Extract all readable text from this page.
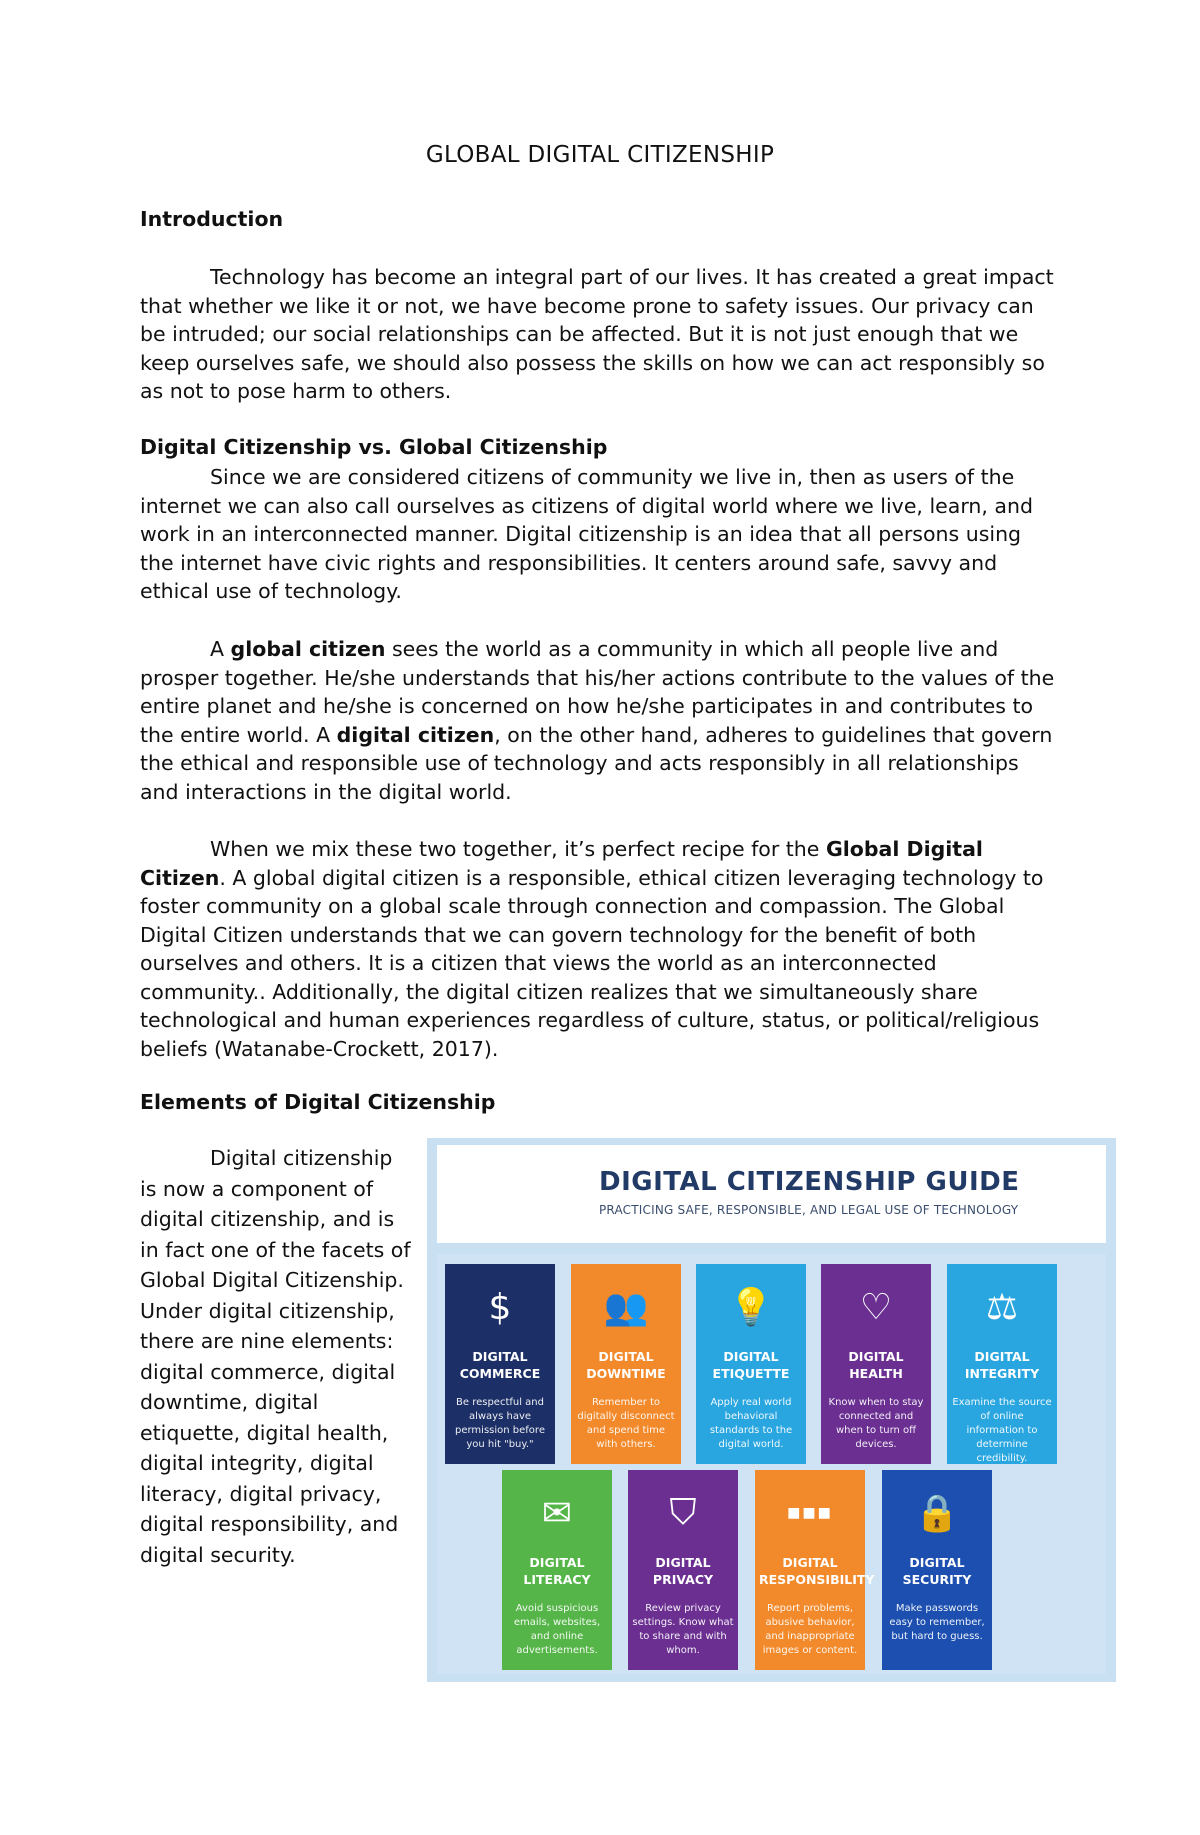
GLOBAL DIGITAL CITIZENSHIP
Introduction

Technology has become an integral part of our lives. It has created a great impact that whether we like it or not, we have become prone to safety issues. Our privacy can be intruded; our social relationships can be affected. But it is not just enough that we keep ourselves safe, we should also possess the skills on how we can act responsibly so as not to pose harm to others.

Digital Citizenship vs. Global Citizenship

Since we are considered citizens of community we live in, then as users of the internet we can also call ourselves as citizens of digital world where we live, learn, and work in an interconnected manner. Digital citizenship is an idea that all persons using the internet have civic rights and responsibilities. It centers around safe, savvy and ethical use of technology.

A global citizen sees the world as a community in which all people live and prosper together. He/she understands that his/her actions contribute to the values of the entire planet and he/she is concerned on how he/she participates in and contributes to the entire world. A digital citizen, on the other hand, adheres to guidelines that govern the ethical and responsible use of technology and acts responsibly in all relationships and interactions in the digital world.

When we mix these two together, it’s perfect recipe for the Global Digital Citizen. A global digital citizen is a responsible, ethical citizen leveraging technology to foster community on a global scale through connection and compassion. The Global Digital Citizen understands that we can govern technology for the benefit of both ourselves and others. It is a citizen that views the world as an interconnected community.. Additionally, the digital citizen realizes that we simultaneously share technological and human experiences regardless of culture, status, or political/religious beliefs (Watanabe-Crockett, 2017).

Elements of Digital Citizenship

Digital citizenship is now a component of digital citizenship, and is in fact one of the facets of Global Digital Citizenship. Under digital citizenship, there are nine elements: digital commerce, digital downtime, digital etiquette, digital health, digital integrity, digital literacy, digital privacy, digital responsibility, and digital security.

DIGITAL CITIZENSHIP GUIDE
PRACTICING SAFE, RESPONSIBLE, AND LEGAL USE OF TECHNOLOGY
$
DIGITAL
COMMERCE
Be respectful and always have permission before you hit "buy."
👥
DIGITAL
DOWNTIME
Remember to digitally disconnect and spend time with others.
💡
DIGITAL
ETIQUETTE
Apply real world behavioral standards to the digital world.
♡
DIGITAL
HEALTH
Know when to stay connected and when to turn off devices.
⚖
DIGITAL
INTEGRITY
Examine the source of online information to determine credibility.
✉
DIGITAL
LITERACY
Avoid suspicious emails, websites, and online advertisements.
⛉
DIGITAL
PRIVACY
Review privacy settings. Know what to share and with whom.
■■■
DIGITAL
RESPONSIBILITY
Report problems, abusive behavior, and inappropriate images or content.
🔒
DIGITAL
SECURITY
Make passwords easy to remember, but hard to guess.
